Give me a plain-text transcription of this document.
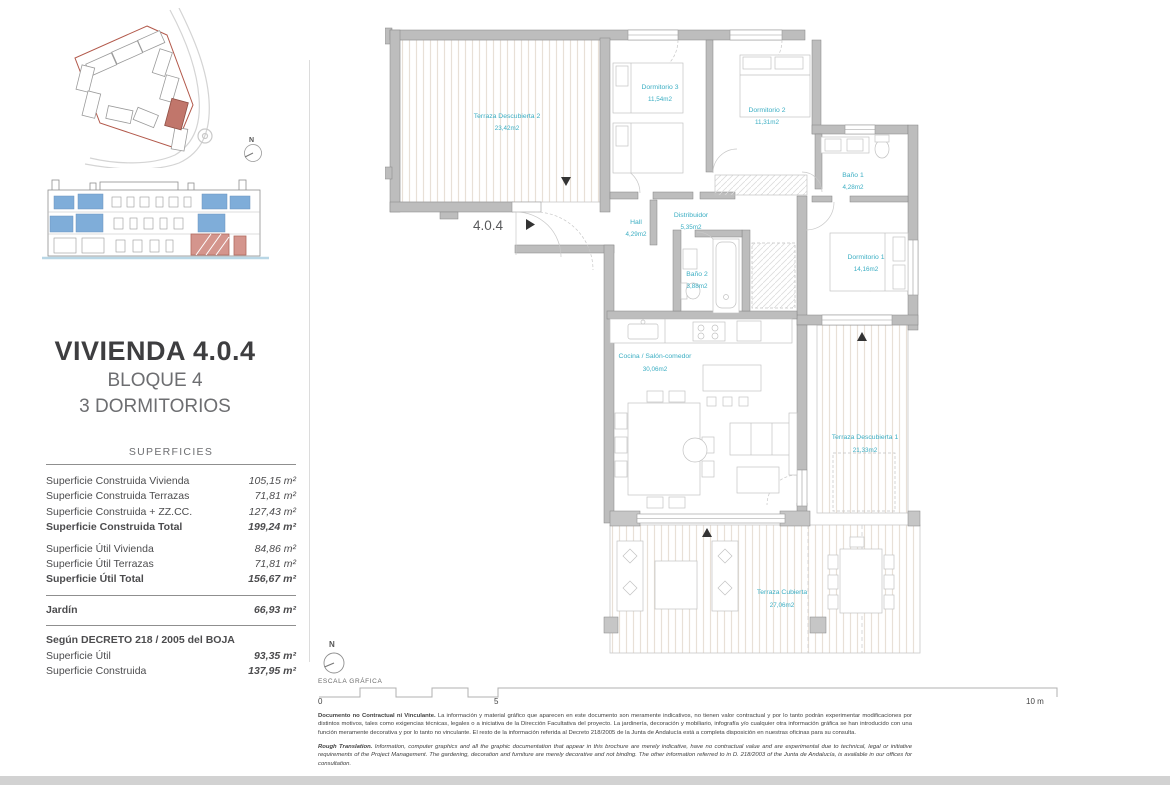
N
VIVIENDA 4.0.4
BLOQUE 4
3 DORMITORIOS
SUPERFICIES
Superficie Construida Vivienda	105,15 m²
Superficie Construida Terrazas	71,81 m²
Superficie Construida + ZZ.CC.	127,43 m²
Superficie Construida Total	199,24 m²
Superficie Útil Vivienda	84,86 m²
Superficie Útil Terrazas	71,81 m²
Superficie Útil Total	156,67 m²
Jardín	66,93 m²
Según DECRETO 218 / 2005 del BOJA
Superficie Útil	93,35 m²
Superficie Construida	137,95 m²
4.0.4
Terraza Descubierta 2
23,42m2
Dormitorio 3
11,54m2
Dormitorio 2
11,31m2
Baño 1
4,28m2
Hall
4,29m2
Distribuidor
5,35m2
Baño 2
3,88m2
Dormitorio 1
14,16m2
Cocina / Salón-comedor
30,06m2
Terraza Descubierta 1
21,33m2
Terraza Cubierta
27,06m2
N
ESCALA GRÁFICA
0	5	10 m

Documento no Contractual ni Vinculante. La información y material gráfico que aparecen en este documento son meramente indicativos, no tienen valor contractual y por lo tanto podrán experimentar modificaciones por distintos motivos, tales como exigencias técnicas, legales o a iniciativa de la Dirección Facultativa del proyecto. La jardinería, decoración y mobiliario, infografía y/o cualquier otra información gráfica se han introducido con una función meramente decorativa y por lo tanto no vinculante. El resto de la información referida al Decreto 218/2005 de la Junta de Andalucía está a completa disposición en nuestras oficinas para su consulta.

Rough Translation. Information, computer graphics and all the graphic documentation that appear in this brochure are merely indicative, have no contractual value and are experimental due to technical, legal or initiative requirements of the Project Management. The gardening, decoration and furniture are merely decorative and not binding. The other information referred to in D. 218/2003 of the Junta de Andalucía, is available in our offices for consultation.
